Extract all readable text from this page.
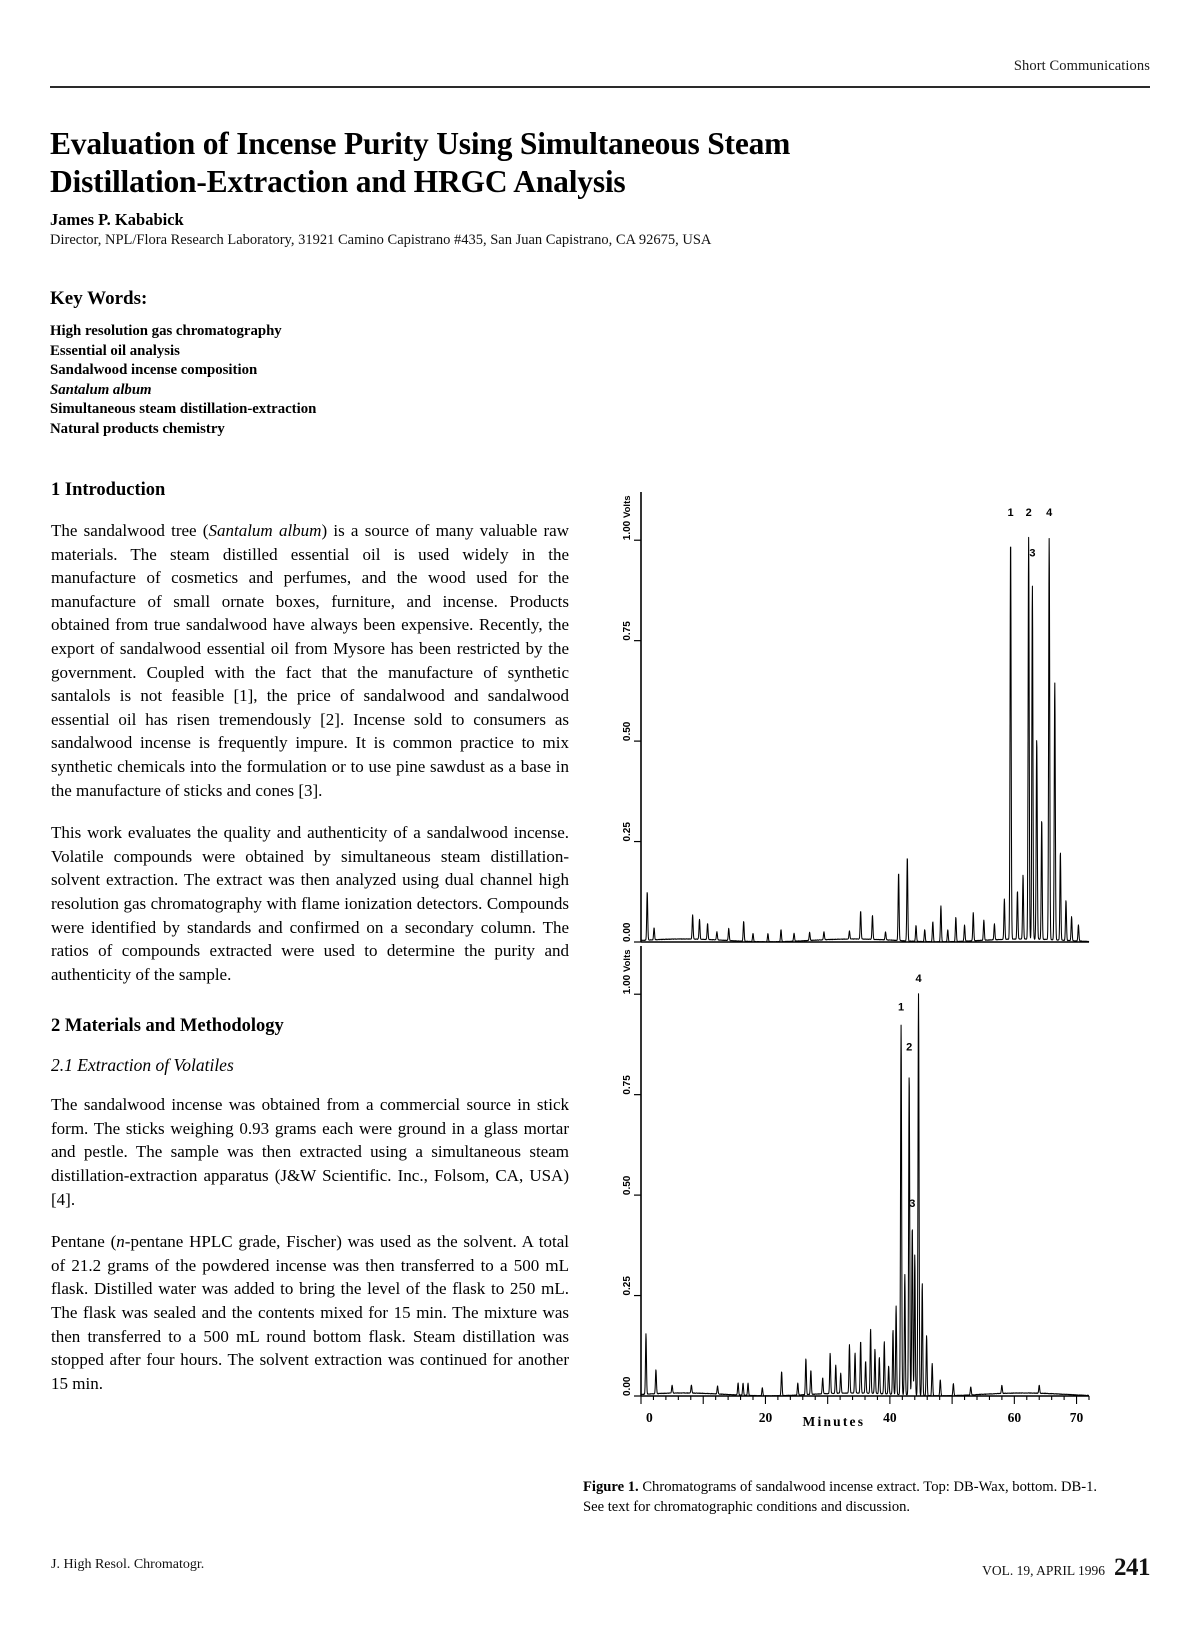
Short Communications
Evaluation of Incense Purity Using Simultaneous Steam Distillation-Extraction and HRGC Analysis
James P. Kababick
Director, NPL/Flora Research Laboratory, 31921 Camino Capistrano #435, San Juan Capistrano, CA 92675, USA
Key Words:
High resolution gas chromatography
Essential oil analysis
Sandalwood incense composition
Santalum album
Simultaneous steam distillation-extraction
Natural products chemistry
1 Introduction

The sandalwood tree (Santalum album) is a source of many valuable raw materials. The steam distilled essential oil is used widely in the manufacture of cosmetics and perfumes, and the wood used for the manufacture of small ornate boxes, furniture, and incense. Products obtained from true sandalwood have always been expensive. Recently, the export of sandalwood essential oil from Mysore has been restricted by the government. Coupled with the fact that the manufacture of synthetic santalols is not feasible [1], the price of sandalwood and sandalwood essential oil has risen tremendously [2]. Incense sold to consumers as sandalwood incense is frequently impure. It is common practice to mix synthetic chemicals into the formulation or to use pine sawdust as a base in the manufacture of sticks and cones [3].

This work evaluates the quality and authenticity of a sandalwood incense. Volatile compounds were obtained by simultaneous steam distillation-solvent extraction. The extract was then analyzed using dual channel high resolution gas chromatography with flame ionization detectors. Compounds were identified by standards and confirmed on a secondary column. The ratios of compounds extracted were used to determine the purity and authenticity of the sample.

2 Materials and Methodology
2.1 Extraction of Volatiles

The sandalwood incense was obtained from a commercial source in stick form. The sticks weighing 0.93 grams each were ground in a glass mortar and pestle. The sample was then extracted using a simultaneous steam distillation-extraction apparatus (J&W Scientific. Inc., Folsom, CA, USA) [4].

Pentane (n-pentane HPLC grade, Fischer) was used as the solvent. A total of 21.2 grams of the powdered incense was then transferred to a 500 mL flask. Distilled water was added to bring the level of the flask to 250 mL. The flask was sealed and the contents mixed for 15 min. The mixture was then transferred to a 500 mL round bottom flask. Steam distillation was stopped after four hours. The solvent extraction was continued for another 15 min.

0.00
0.25
0.50
0.75
1.00
Volts	1 2
3
4
0.00
0.25
0.50
0.75
1.00
Volts
1
2
4
3
0	20	40	60	70
Minutes
Figure 1. Chromatograms of sandalwood incense extract. Top: DB-Wax, bottom. DB-1. See text for chromatographic conditions and discussion.
J. High Resol. Chromatogr.	VOL. 19, APRIL 1996 241
